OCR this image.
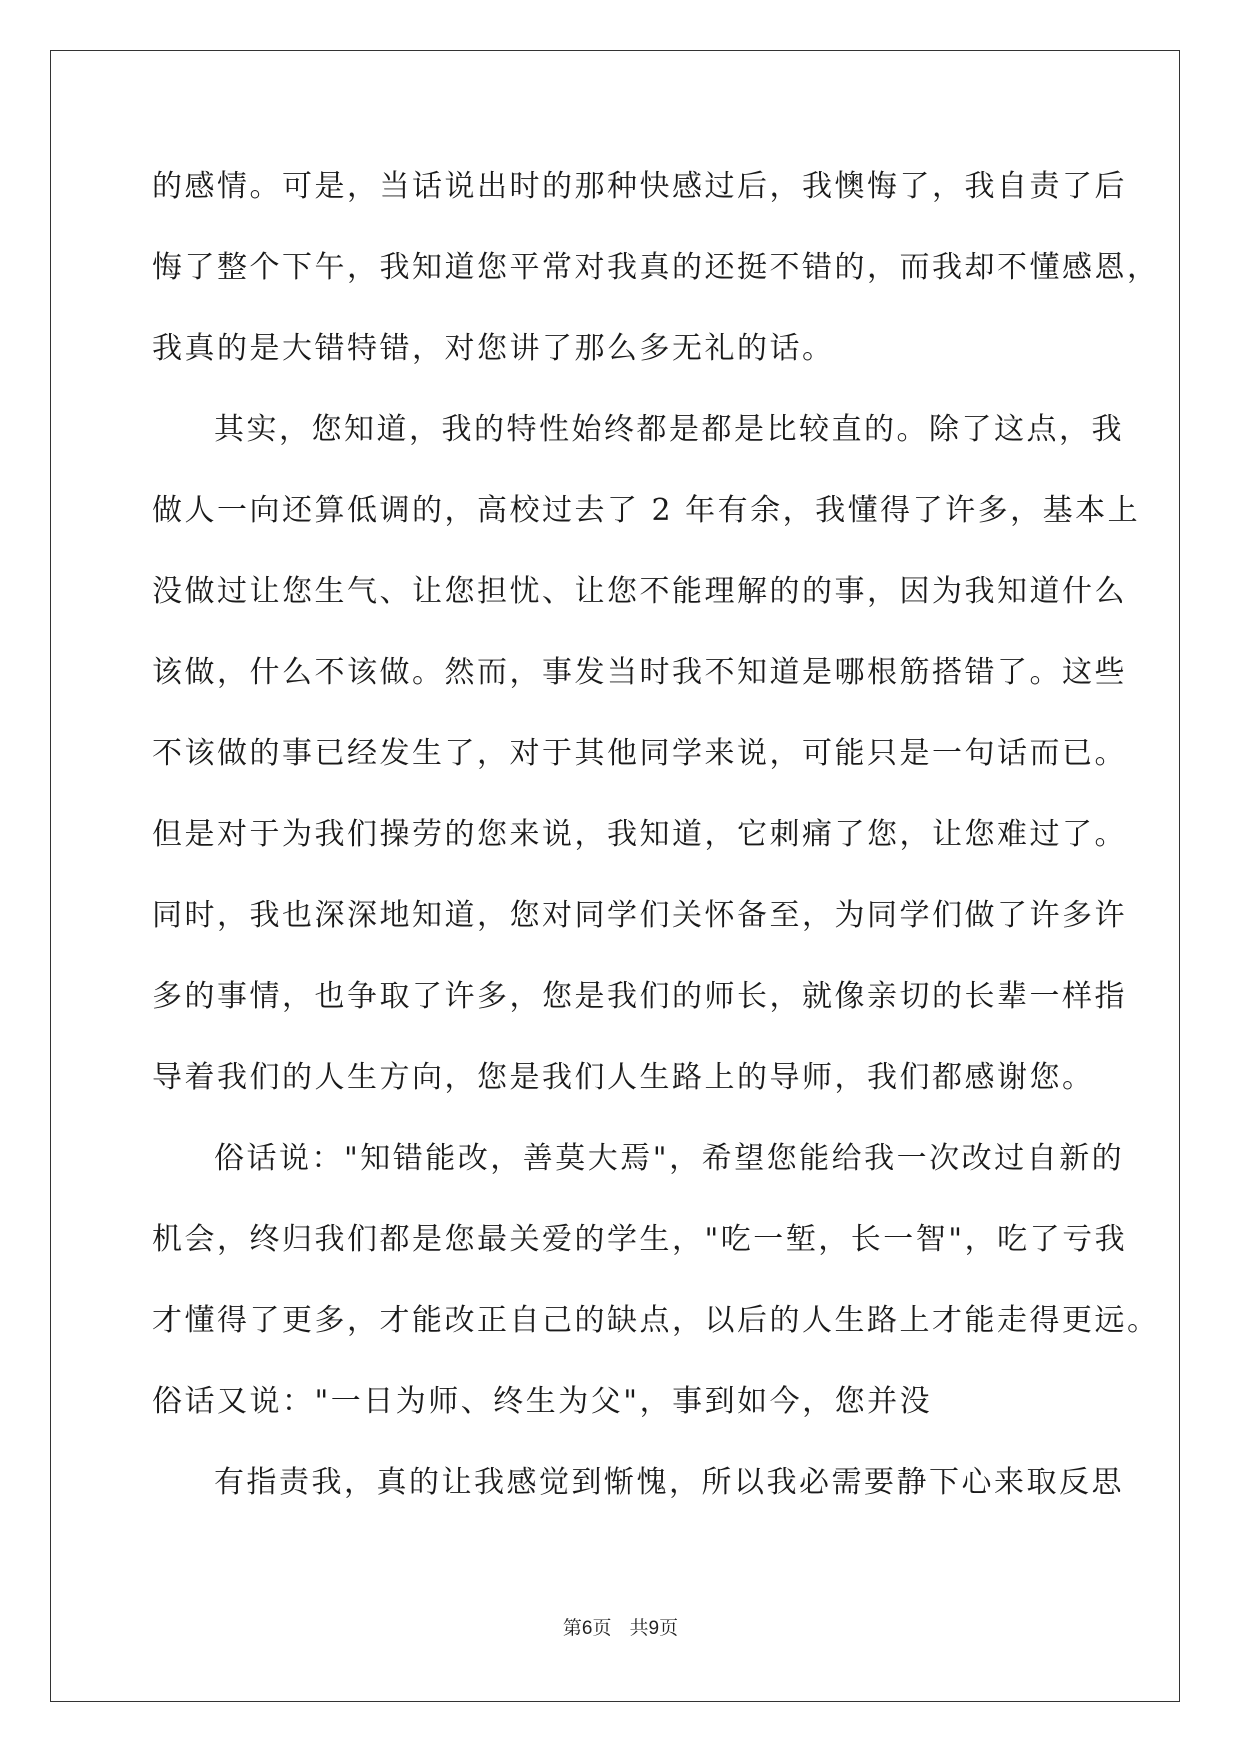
的感情。可是，当话说出时的那种快感过后，我懊悔了，我自责了后
悔了整个下午，我知道您平常对我真的还挺不错的，而我却不懂感恩，
我真的是大错特错，对您讲了那么多无礼的话。
其实，您知道，我的特性始终都是都是比较直的。除了这点，我
做人一向还算低调的，高校过去了 2 年有余，我懂得了许多，基本上
没做过让您生气、让您担忧、让您不能理解的的事，因为我知道什么
该做，什么不该做。然而，事发当时我不知道是哪根筋搭错了。这些
不该做的事已经发生了，对于其他同学来说，可能只是一句话而已。
但是对于为我们操劳的您来说，我知道，它刺痛了您，让您难过了。
同时，我也深深地知道，您对同学们关怀备至，为同学们做了许多许
多的事情，也争取了许多，您是我们的师长，就像亲切的长辈一样指
导着我们的人生方向，您是我们人生路上的导师，我们都感谢您。
俗话说："知错能改，善莫大焉"，希望您能给我一次改过自新的
机会，终归我们都是您最关爱的学生，"吃一堑，长一智"，吃了亏我
才懂得了更多，才能改正自己的缺点，以后的人生路上才能走得更远。
俗话又说："一日为师、终生为父"，事到如今，您并没
有指责我，真的让我感觉到惭愧，所以我必需要静下心来取反思
第6页 共9页
